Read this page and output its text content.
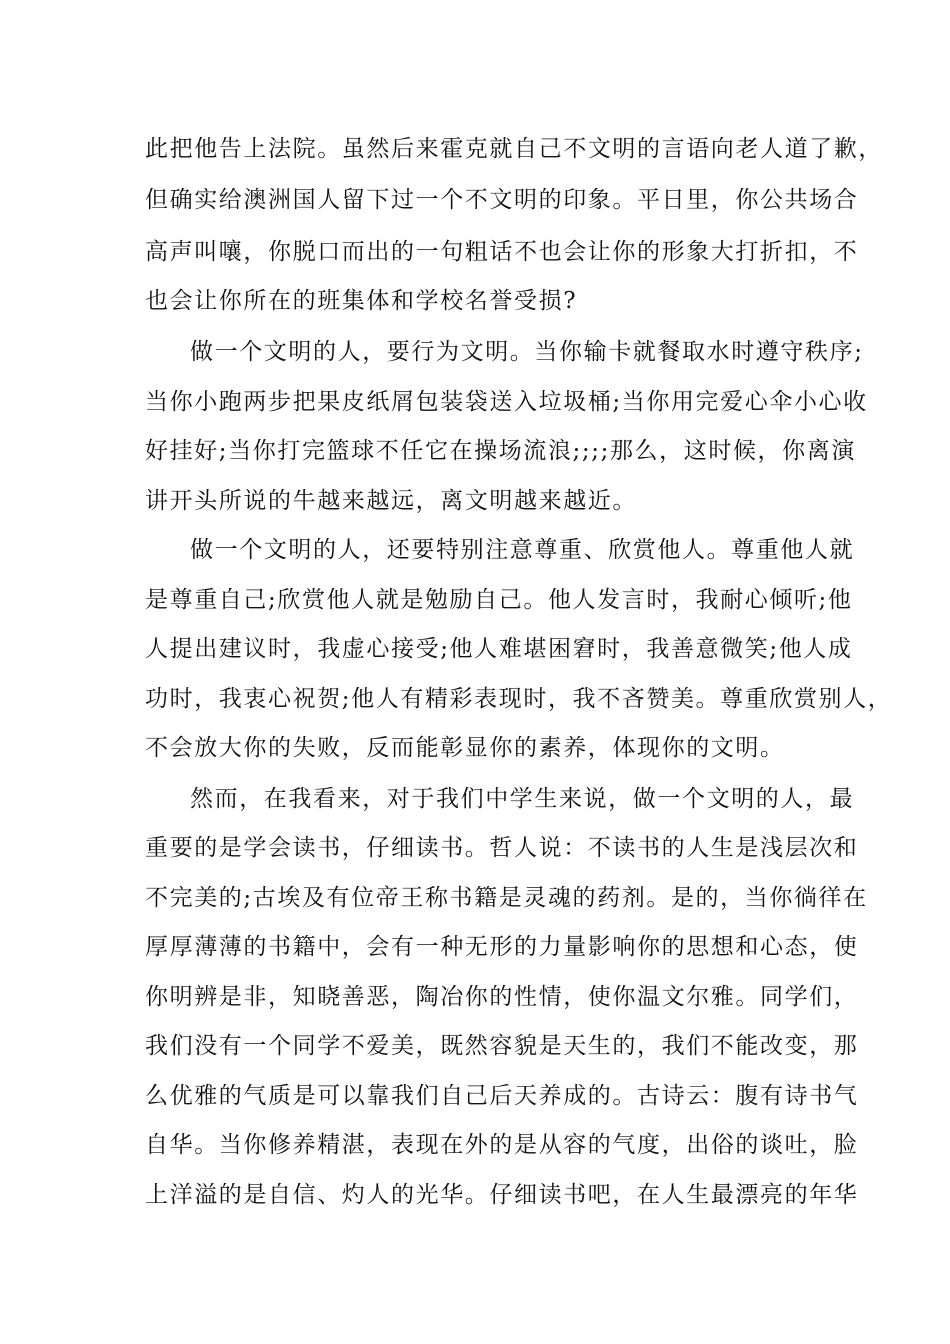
此把他告上法院。虽然后来霍克就自己不文明的言语向老人道了歉，
但确实给澳洲国人留下过一个不文明的印象。平日里，你公共场合
高声叫嚷，你脱口而出的一句粗话不也会让你的形象大打折扣，不
也会让你所在的班集体和学校名誉受损?
做一个文明的人，要行为文明。当你输卡就餐取水时遵守秩序;
当你小跑两步把果皮纸屑包装袋送入垃圾桶;当你用完爱心伞小心收
好挂好;当你打完篮球不任它在操场流浪;;;;那么，这时候，你离演
讲开头所说的牛越来越远，离文明越来越近。
做一个文明的人，还要特别注意尊重、欣赏他人。尊重他人就
是尊重自己;欣赏他人就是勉励自己。他人发言时，我耐心倾听;他
人提出建议时，我虚心接受;他人难堪困窘时，我善意微笑;他人成
功时，我衷心祝贺;他人有精彩表现时，我不吝赞美。尊重欣赏别人，
不会放大你的失败，反而能彰显你的素养，体现你的文明。
然而，在我看来，对于我们中学生来说，做一个文明的人，最
重要的是学会读书，仔细读书。哲人说：不读书的人生是浅层次和
不完美的;古埃及有位帝王称书籍是灵魂的药剂。是的，当你徜徉在
厚厚薄薄的书籍中，会有一种无形的力量影响你的思想和心态，使
你明辨是非，知晓善恶，陶冶你的性情，使你温文尔雅。同学们，
我们没有一个同学不爱美，既然容貌是天生的，我们不能改变，那
么优雅的气质是可以靠我们自己后天养成的。古诗云：腹有诗书气
自华。当你修养精湛，表现在外的是从容的气度，出俗的谈吐，脸
上洋溢的是自信、灼人的光华。仔细读书吧，在人生最漂亮的年华
